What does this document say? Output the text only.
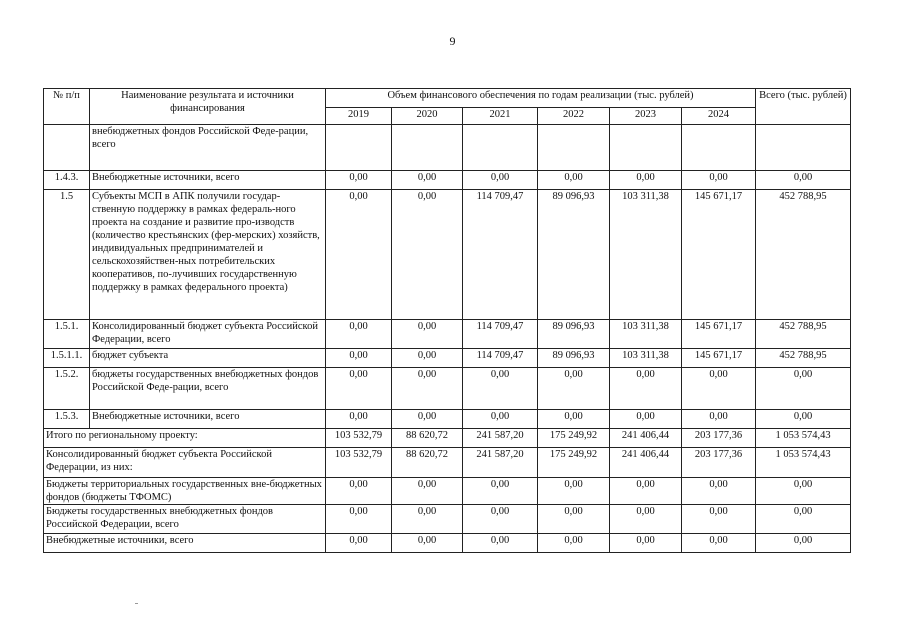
9
№ п/п	Наименование результата и источники финансирования	Объем финансового обеспечения по годам реализации (тыс. рублей)						Всего (тыс. рублей)
		2019	2020	2021	2022	2023	2024	
	внебюджетных фондов Российской Феде-рации, всего							
1.4.3.	Внебюджетные источники, всего	0,00	0,00	0,00	0,00	0,00	0,00	0,00
1.5	Субъекты МСП в АПК получили государ-ственную поддержку в рамках федераль-ного проекта на создание и развитие про-изводств (количество крестьянских (фер-мерских) хозяйств, индивидуальных предпринимателей и сельскохозяйствен-ных потребительских кооперативов, по-лучивших государственную поддержку в рамках федерального проекта)	0,00	0,00	114 709,47	89 096,93	103 311,38	145 671,17	452 788,95
1.5.1.	Консолидированный бюджет субъекта Российской Федерации, всего	0,00	0,00	114 709,47	89 096,93	103 311,38	145 671,17	452 788,95
1.5.1.1.	бюджет субъекта	0,00	0,00	114 709,47	89 096,93	103 311,38	145 671,17	452 788,95
1.5.2.	бюджеты государственных внебюджетных фондов Российской Феде-рации, всего	0,00	0,00	0,00	0,00	0,00	0,00	0,00
1.5.3.	Внебюджетные источники, всего	0,00	0,00	0,00	0,00	0,00	0,00	0,00
Итого по региональному проекту:		103 532,79	88 620,72	241 587,20	175 249,92	241 406,44	203 177,36	1 053 574,43
Консолидированный бюджет субъекта Российской Федерации, из них:		103 532,79	88 620,72	241 587,20	175 249,92	241 406,44	203 177,36	1 053 574,43
Бюджеты территориальных государственных вне-бюджетных фондов (бюджеты ТФОМС)		0,00	0,00	0,00	0,00	0,00	0,00	0,00
Бюджеты государственных внебюджетных фондов Российской Федерации, всего		0,00	0,00	0,00	0,00	0,00	0,00	0,00
Внебюджетные источники, всего		0,00	0,00	0,00	0,00	0,00	0,00	0,00
